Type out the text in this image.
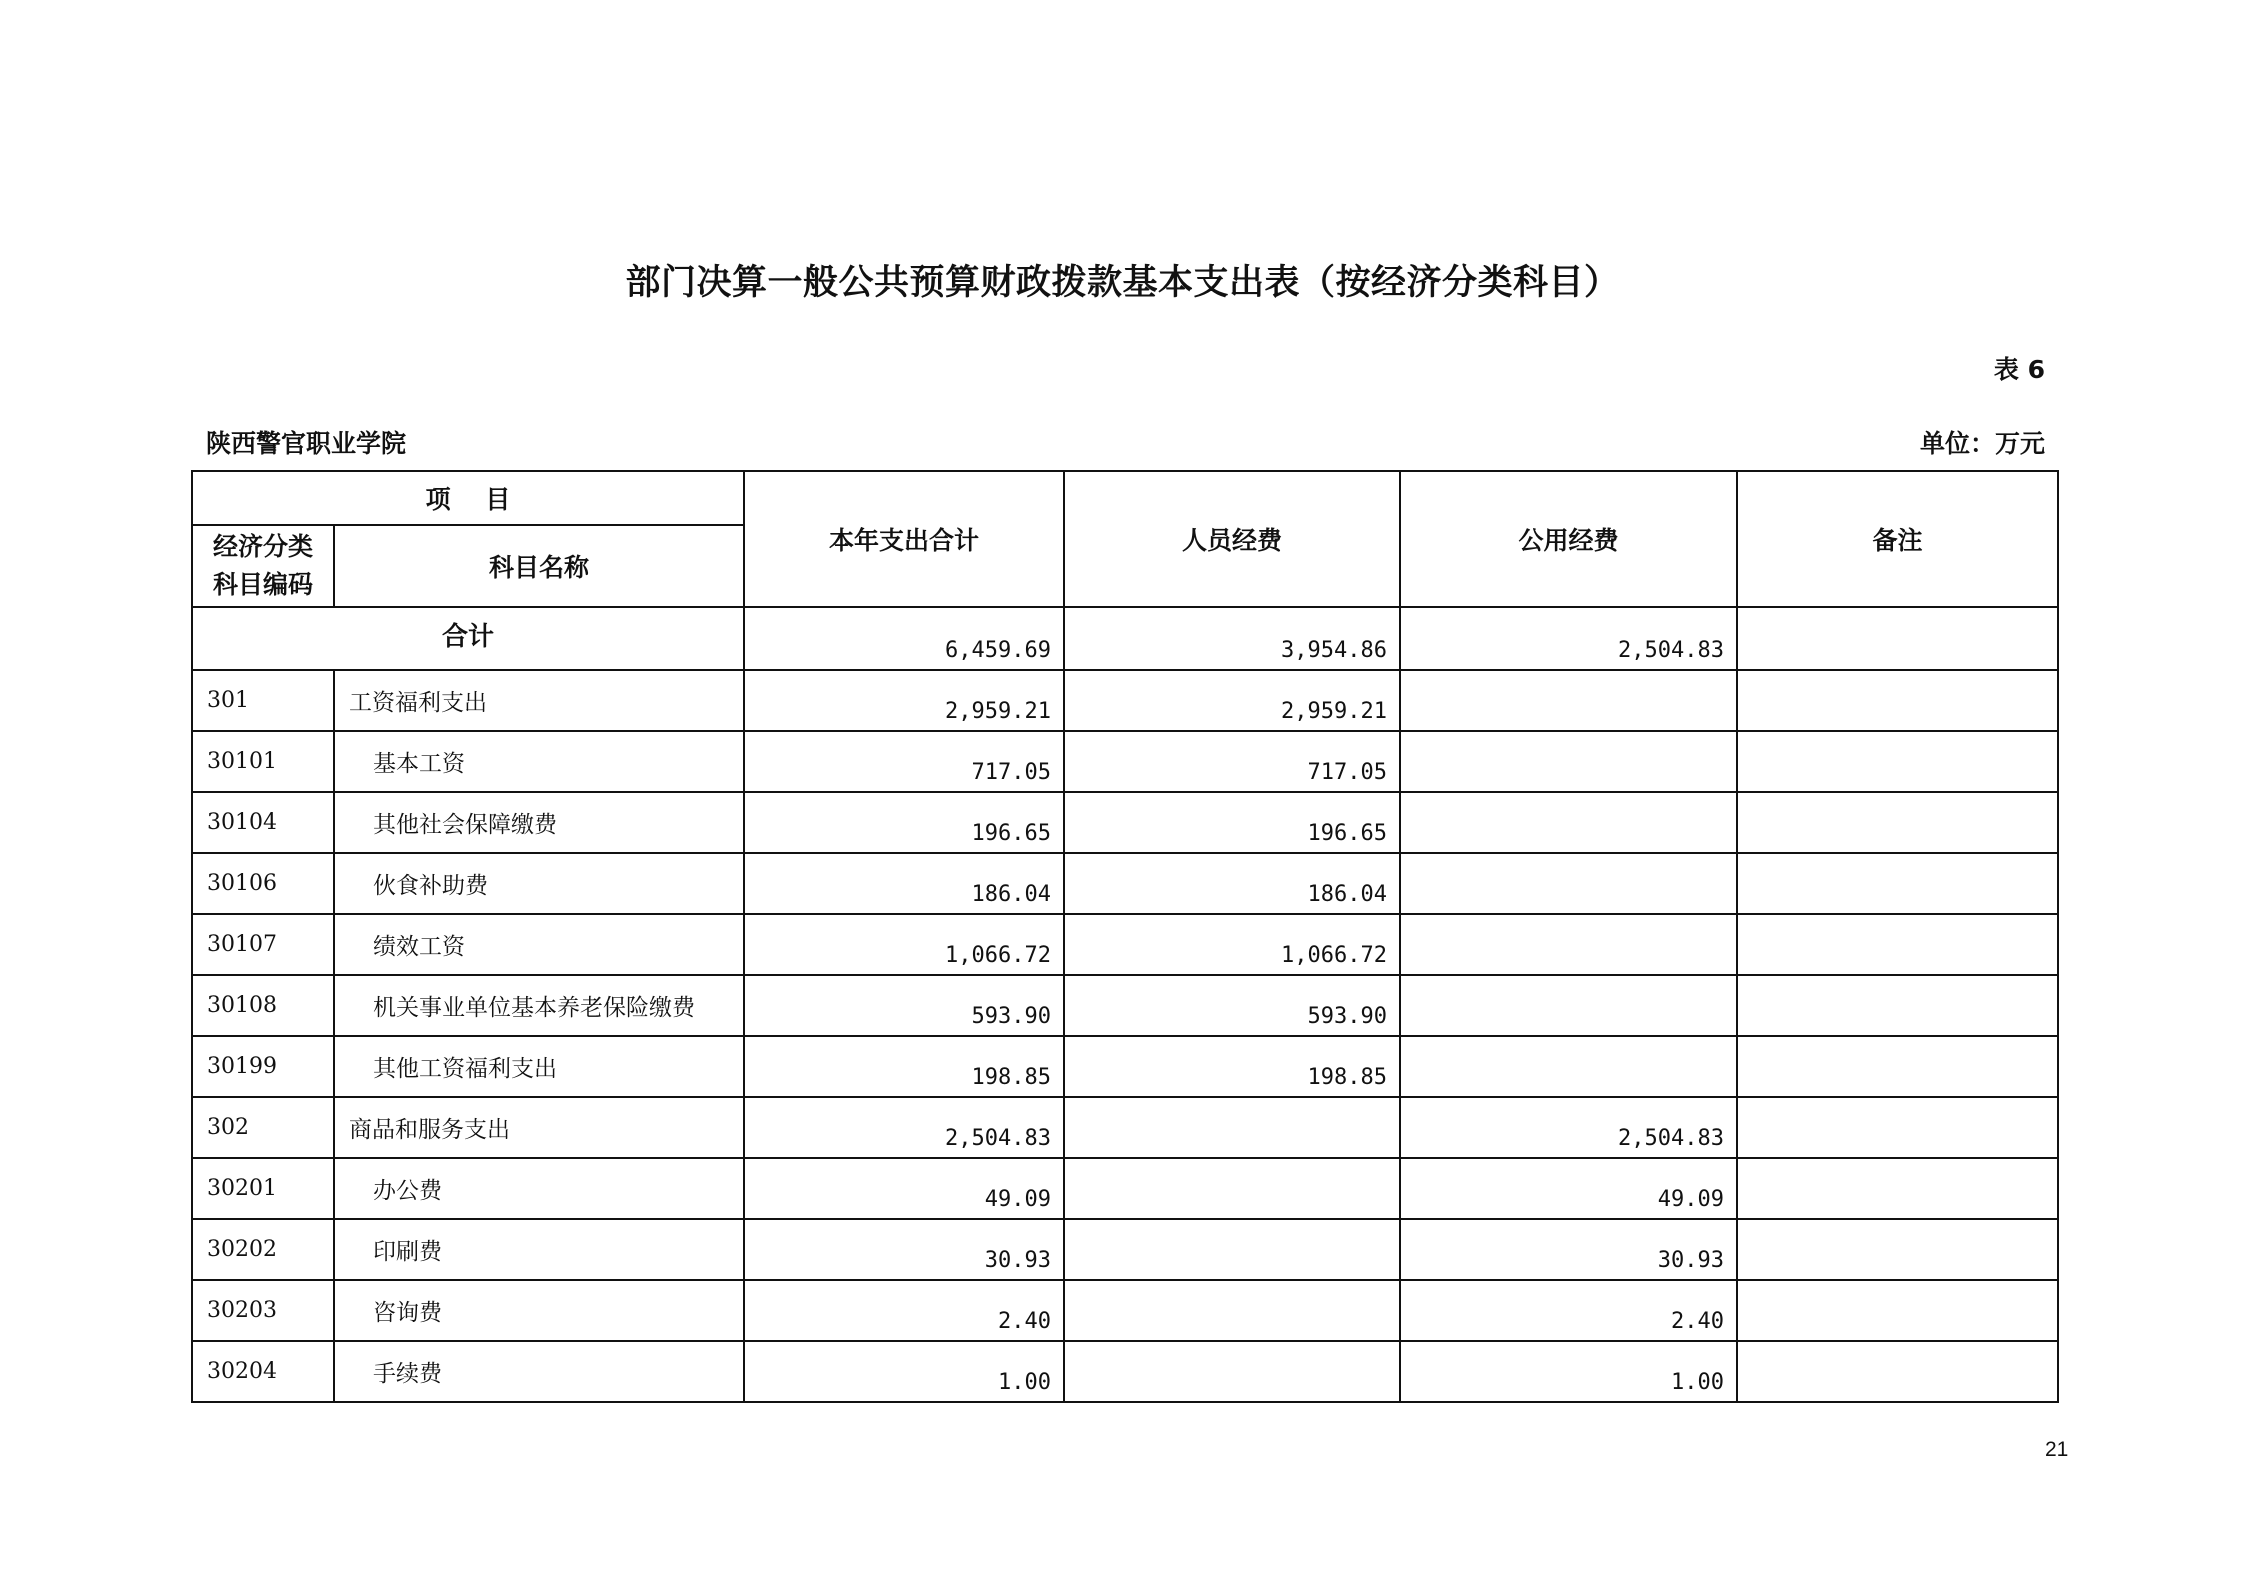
部门决算一般公共预算财政拨款基本支出表（按经济分类科目）
表 6
陕西警官职业学院	单位：万元
项    目		本年支出合计	人员经费	公用经费	备注

经济分类
科目编码	科目名称				
合计		6,459.69	3,954.86	2,504.83	
301	工资福利支出	2,959.21	2,959.21		
30101	基本工资	717.05	717.05		
30104	其他社会保障缴费	196.65	196.65		
30106	伙食补助费	186.04	186.04		
30107	绩效工资	1,066.72	1,066.72		
30108	机关事业单位基本养老保险缴费	593.90	593.90		
30199	其他工资福利支出	198.85	198.85		
302	商品和服务支出	2,504.83		2,504.83	
30201	办公费	49.09		49.09	
30202	印刷费	30.93		30.93	
30203	咨询费	2.40		2.40	
30204	手续费	1.00		1.00	
21
